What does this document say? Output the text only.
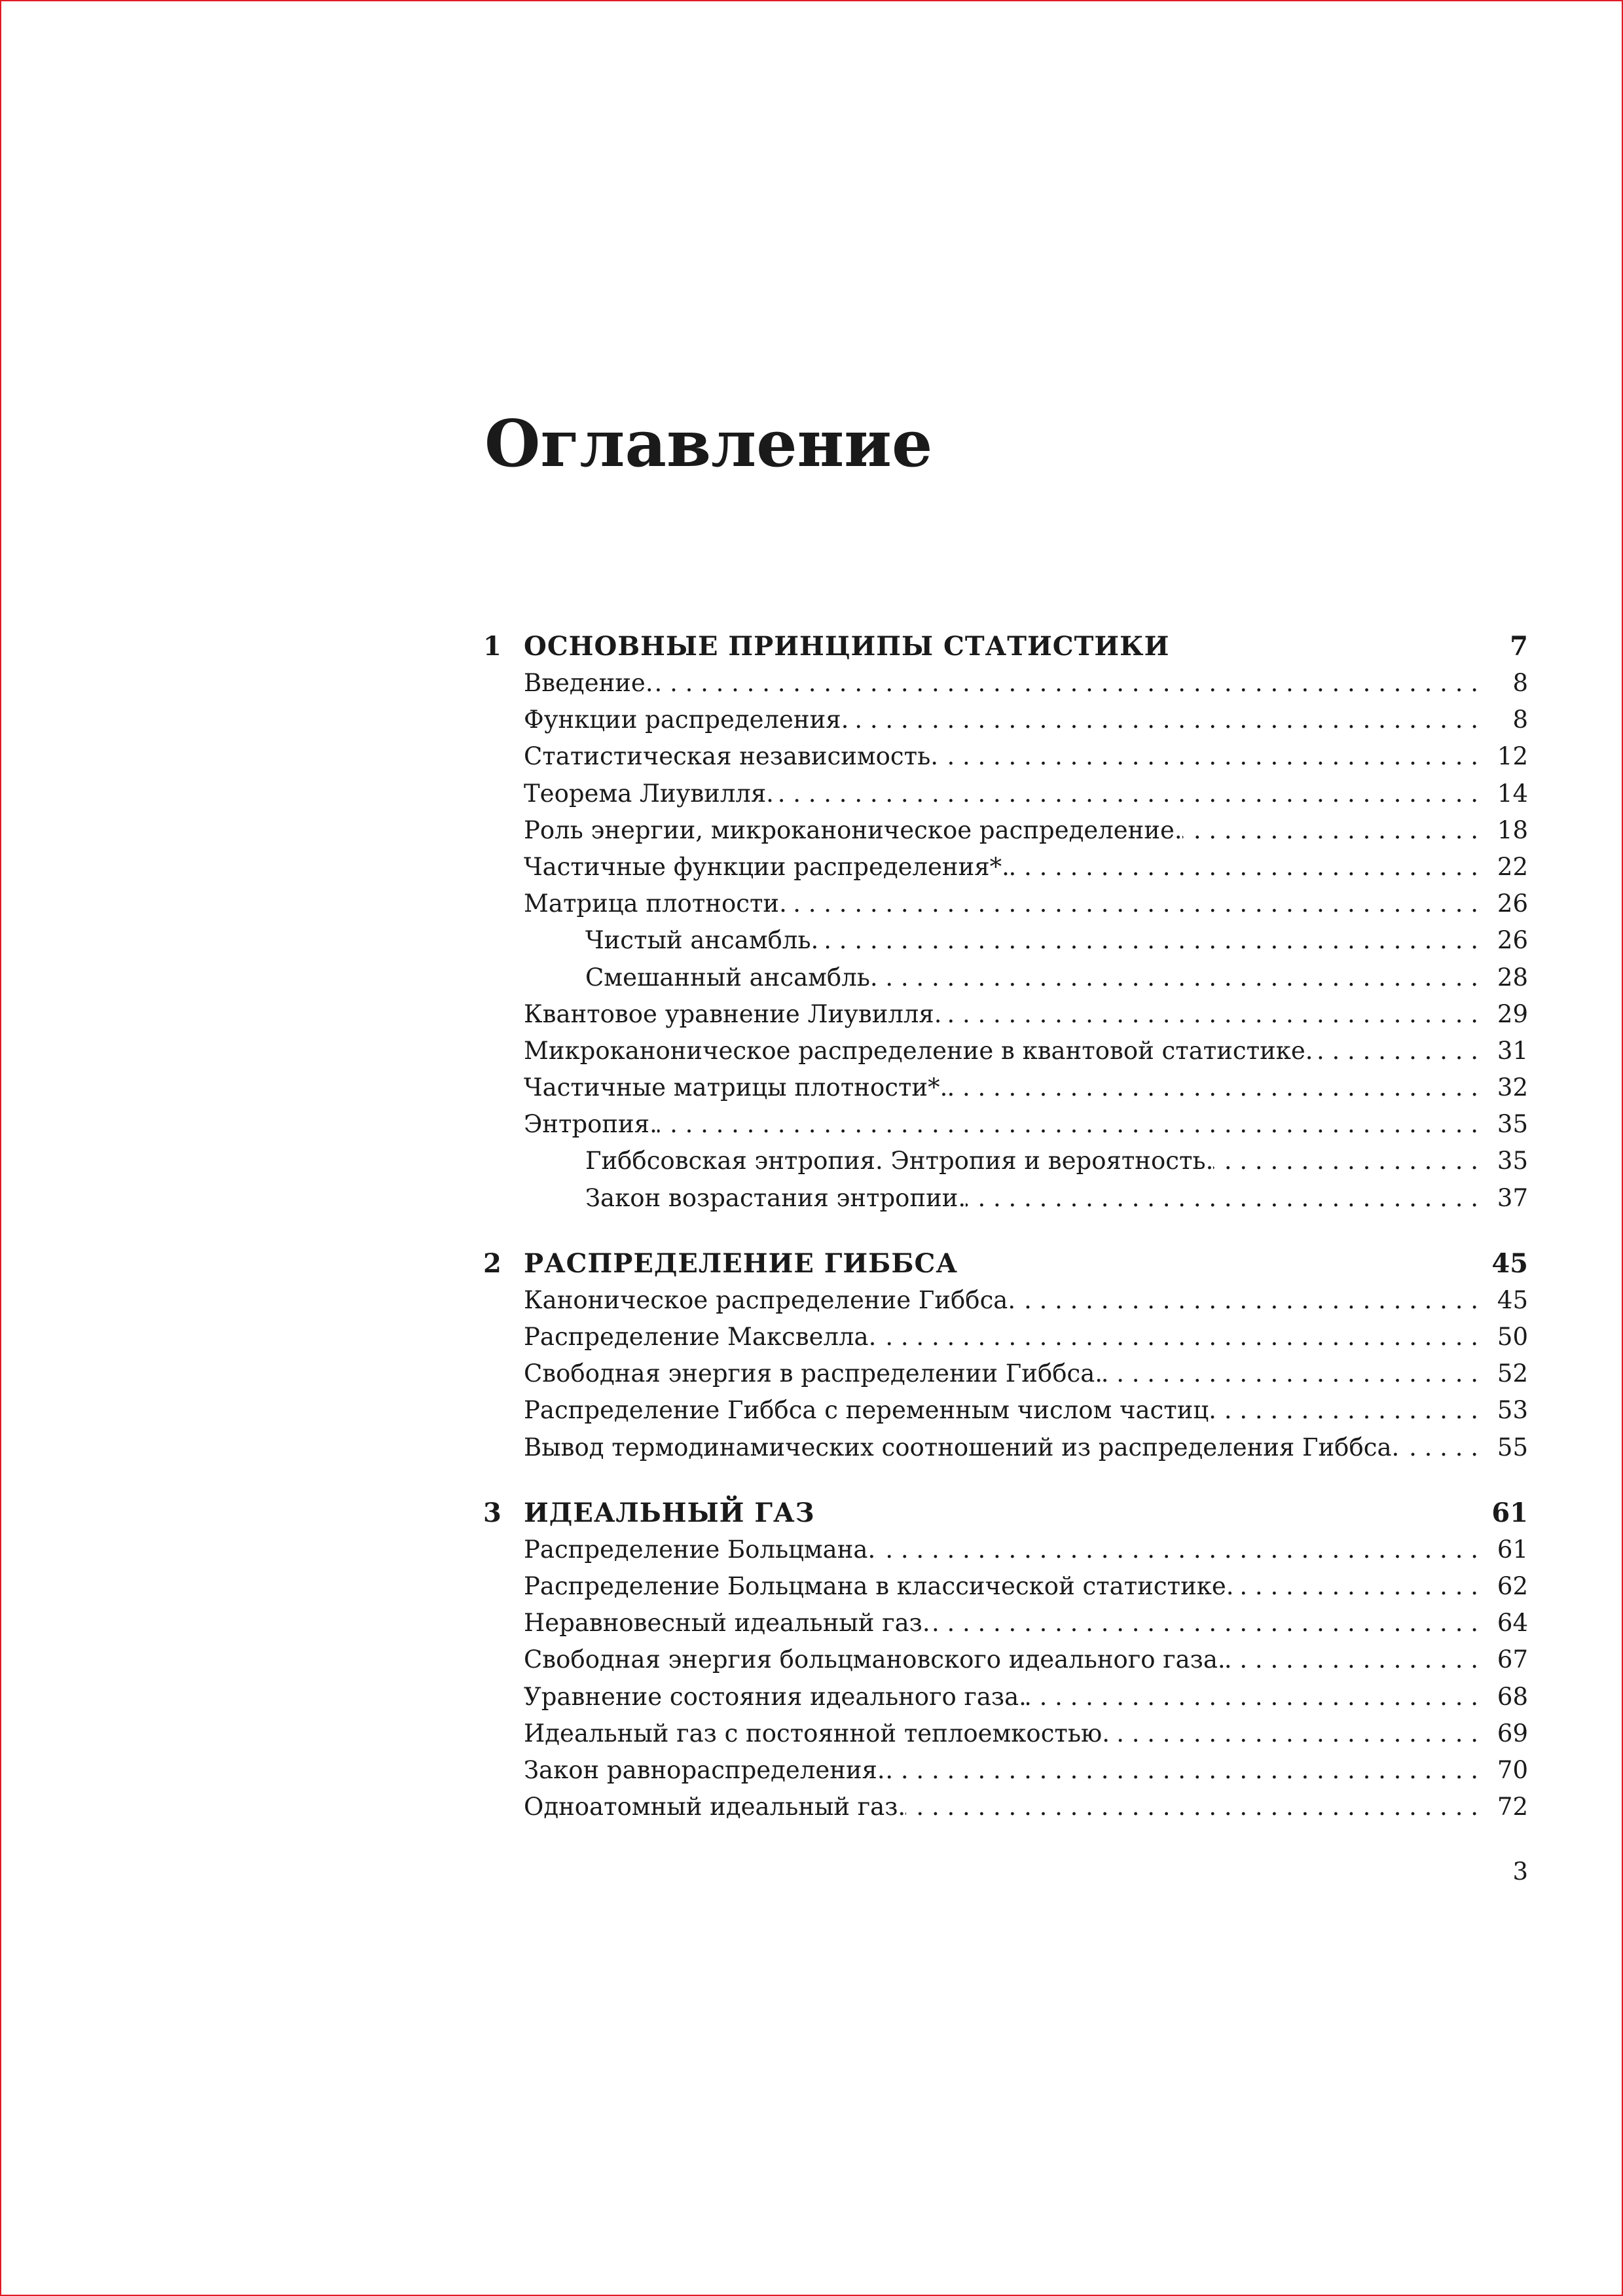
Оглавление
1 ОСНОВНЫЕ ПРИНЦИПЫ СТАТИСТИКИ	7
Введение. . . .	8
Функции распределения. . . .	8
Статистическая независимость. . . .	12
Теорема Лиувилля. . . .	14
Роль энергии, микроканоническое распределение. . . .	18
Частичные функции распределения*. . . .	22
Матрица плотности. . . .	26
Чистый ансамбль. . . .	26
Смешанный ансамбль. . . .	28
Квантовое уравнение Лиувилля. . . .	29
Микроканоническое распределение в квантовой статистике. . . .	31
Частичные матрицы плотности*. . . .	32
Энтропия. . . .	35
Гиббсовская энтропия. Энтропия и вероятность. . . .	35
Закон возрастания энтропии. . . .	37
2 РАСПРЕДЕЛЕНИЕ ГИББСА	45
Каноническое распределение Гиббса. . . .	45
Распределение Максвелла. . . .	50
Свободная энергия в распределении Гиббса. . . .	52
Распределение Гиббса с переменным числом частиц. . . .	53
Вывод термодинамических соотношений из распределения Гиббса. . . .	55
3 ИДЕАЛЬНЫЙ ГАЗ	61
Распределение Больцмана. . . .	61
Распределение Больцмана в классической статистике. . . .	62
Неравновесный идеальный газ. . . .	64
Свободная энергия больцмановского идеального газа. . . .	67
Уравнение состояния идеального газа. . . .	68
Идеальный газ с постоянной теплоемкостью. . . .	69
Закон равнораспределения. . . .	70
Одноатомный идеальный газ. . . .	72
3
